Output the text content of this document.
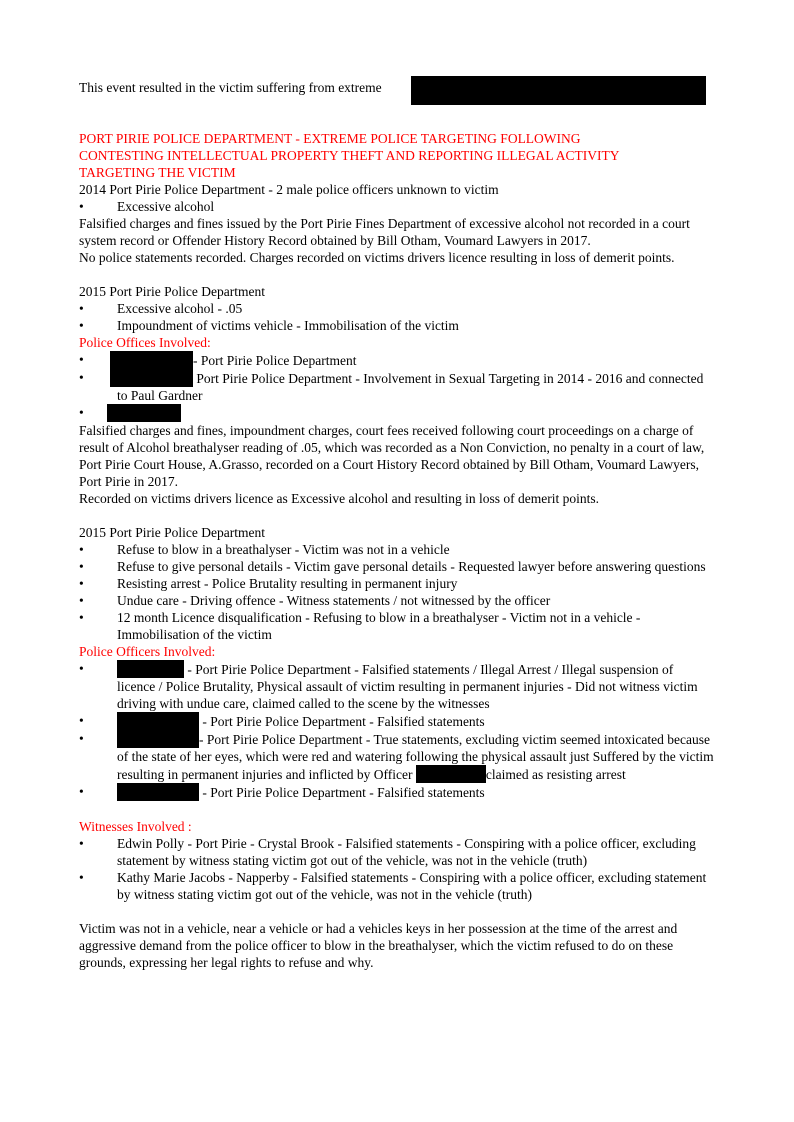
This event resulted in the victim suffering from extreme

PORT PIRIE POLICE DEPARTMENT - EXTREME POLICE TARGETING FOLLOWING

CONTESTING INTELLECTUAL PROPERTY THEFT AND REPORTING ILLEGAL ACTIVITY

TARGETING THE VICTIM

2014 Port Pirie Police Department - 2 male police officers unknown to victim

• Excessive alcohol

Falsified charges and fines issued by the Port Pirie Fines Department of excessive alcohol not recorded in a court system record or Offender History Record obtained by Bill Otham, Voumard Lawyers in 2017.

No police statements recorded. Charges recorded on victims drivers licence resulting in loss of demerit points.

2015 Port Pirie Police Department

• Excessive alcohol - .05

• Impoundment of victims vehicle - Immobilisation of the victim

Police Offices Involved:

•	- Port Pirie Police Department

•	Port Pirie Police Department - Involvement in Sexual Targeting in 2014 - 2016 and connected to Paul Gardner

•

Falsified charges and fines, impoundment charges, court fees received following court proceedings on a charge of result of Alcohol breathalyser reading of .05, which was recorded as a Non Conviction, no penalty in a court of law, Port Pirie Court House, A.Grasso, recorded on a Court History Record obtained by Bill Otham, Voumard Lawyers, Port Pirie in 2017.

Recorded on victims drivers licence as Excessive alcohol and resulting in loss of demerit points.

2015 Port Pirie Police Department

• Refuse to blow in a breathalyser - Victim was not in a vehicle

• Refuse to give personal details - Victim gave personal details - Requested lawyer before answering questions

• Resisting arrest - Police Brutality resulting in permanent injury

• Undue care - Driving offence - Witness statements / not witnessed by the officer

• 12 month Licence disqualification - Refusing to blow in a breathalyser - Victim not in a vehicle - Immobilisation of the victim

Police Officers Involved:

•	- Port Pirie Police Department - Falsified statements / Illegal Arrest / Illegal suspension of licence / Police Brutality, Physical assault of victim resulting in permanent injuries - Did not witness victim driving with undue care, claimed called to the scene by the witnesses

•	- Port Pirie Police Department - Falsified statements

•	- Port Pirie Police Department - True statements, excluding victim seemed intoxicated because of the state of her eyes, which were red and watering following the physical assault just Suffered by the victim resulting in permanent injuries and inflicted by Officer	claimed as resisting arrest

•	- Port Pirie Police Department - Falsified statements

Witnesses Involved :

• Edwin Polly - Port Pirie - Crystal Brook - Falsified statements - Conspiring with a police officer, excluding statement by witness stating victim got out of the vehicle, was not in the vehicle (truth)

• Kathy Marie Jacobs - Napperby - Falsified statements - Conspiring with a police officer, excluding statement by witness stating victim got out of the vehicle, was not in the vehicle (truth)

Victim was not in a vehicle, near a vehicle or had a vehicles keys in her possession at the time of the arrest and aggressive demand from the police officer to blow in the breathalyser, which the victim refused to do on these grounds, expressing her legal rights to refuse and why.
